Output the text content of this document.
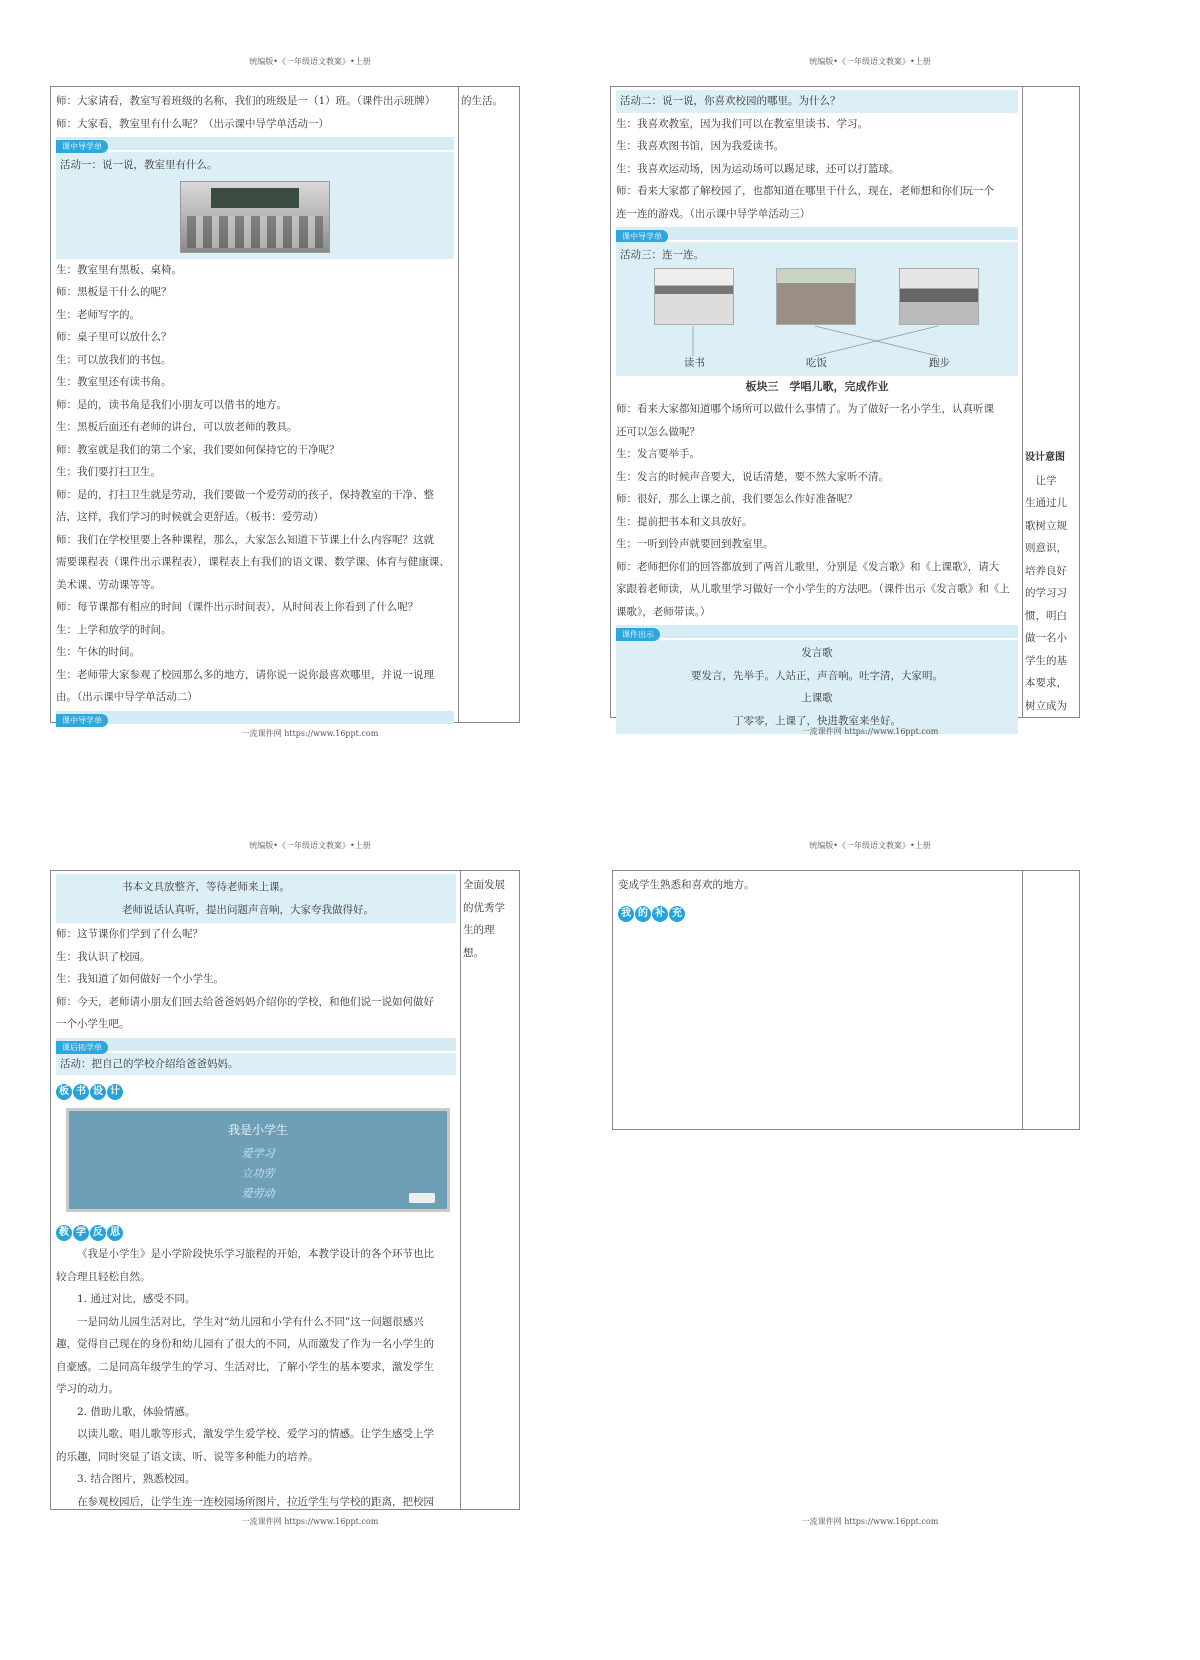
统编版•《一年级语文教案》•上册
师：大家请看，教室写着班级的名称，我们的班级是一（1）班。（课件出示班牌）
师：大家看，教室里有什么呢？（出示课中导学单活动一）
课中导学单
活动一：说一说，教室里有什么。
生：教室里有黑板、桌椅。
师：黑板是干什么的呢？
生：老师写字的。
师：桌子里可以放什么？
生：可以放我们的书包。
生：教室里还有读书角。
师：是的，读书角是我们小朋友可以借书的地方。
生：黑板后面还有老师的讲台，可以放老师的教具。
师：教室就是我们的第二个家，我们要如何保持它的干净呢？
生：我们要打扫卫生。
师：是的，打扫卫生就是劳动，我们要做一个爱劳动的孩子，保持教室的干净、整
洁，这样，我们学习的时候就会更舒适。（板书：爱劳动）
师：我们在学校里要上各种课程，那么，大家怎么知道下节课上什么内容呢？这就
需要课程表（课件出示课程表），课程表上有我们的语文课、数学课、体育与健康课、
美术课、劳动课等等。
师：每节课都有相应的时间（课件出示时间表），从时间表上你看到了什么呢？
生：上学和放学的时间。
生：午休的时间。
生：老师带大家参观了校园那么多的地方，请你说一说你最喜欢哪里，并说一说理
由。（出示课中导学单活动二）
课中导学单
的生活。
一流课件网 https://www.16ppt.com
统编版•《一年级语文教案》•上册
活动二：说一说，你喜欢校园的哪里。为什么？
生：我喜欢教室，因为我们可以在教室里读书、学习。
生：我喜欢图书馆，因为我爱读书。
生：我喜欢运动场，因为运动场可以踢足球，还可以打篮球。
师：看来大家都了解校园了，也都知道在哪里干什么，现在，老师想和你们玩一个
连一连的游戏。（出示课中导学单活动三）
课中导学单
活动三：连一连。
读书	吃饭	跑步
板块三　学唱儿歌，完成作业
师：看来大家都知道哪个场所可以做什么事情了。为了做好一名小学生，认真听课
还可以怎么做呢？
生：发言要举手。
生：发言的时候声音要大，说话清楚，要不然大家听不清。
师：很好，那么上课之前，我们要怎么作好准备呢？
生：提前把书本和文具放好。
生：一听到铃声就要回到教室里。
师：老师把你们的回答都放到了两首儿歌里，分别是《发言歌》和《上课歌》，请大
家跟着老师读，从儿歌里学习做好一个小学生的方法吧。（课件出示《发言歌》和《上
课歌》，老师带读。）
课件出示
发言歌
要发言，先举手。人站正，声音响。吐字清，大家明。
上课歌
丁零零，上课了，快进教室来坐好。
设计意图
　让学
生通过儿
歌树立规
则意识，
培养良好
的学习习
惯，明白
做一名小
学生的基
本要求，
树立成为
一流课件网 https://www.16ppt.com
统编版•《一年级语文教案》•上册
书本文具放整齐，等待老师来上课。
老师说话认真听，提出问题声音响，大家夸我做得好。
师：这节课你们学到了什么呢？
生：我认识了校园。
生：我知道了如何做好一个小学生。
师：今天，老师请小朋友们回去给爸爸妈妈介绍你的学校，和他们说一说如何做好
一个小学生吧。
课后拓学单
活动：把自己的学校介绍给爸爸妈妈。
板 书 设 计
我是小学生
爱学习
立功劳
爱劳动
教 学 反 思
《我是小学生》是小学阶段快乐学习旅程的开始，本教学设计的各个环节也比
较合理且轻松自然。
1. 通过对比，感受不同。
一是同幼儿园生活对比，学生对“幼儿园和小学有什么不同”这一问题很感兴
趣，觉得自己现在的身份和幼儿园有了很大的不同，从而激发了作为一名小学生的
自豪感。二是同高年级学生的学习、生活对比，了解小学生的基本要求，激发学生
学习的动力。
2. 借助儿歌，体验情感。
以读儿歌、唱儿歌等形式，激发学生爱学校、爱学习的情感。让学生感受上学
的乐趣，同时突显了语文读、听、说等多种能力的培养。
3. 结合图片，熟悉校园。
在参观校园后，让学生连一连校园场所图片，拉近学生与学校的距离，把校园
全面发展
的优秀学
生的理
想。
一流课件网 https://www.16ppt.com
统编版•《一年级语文教案》•上册
变成学生熟悉和喜欢的地方。
我 的 补 充
一流课件网 https://www.16ppt.com
